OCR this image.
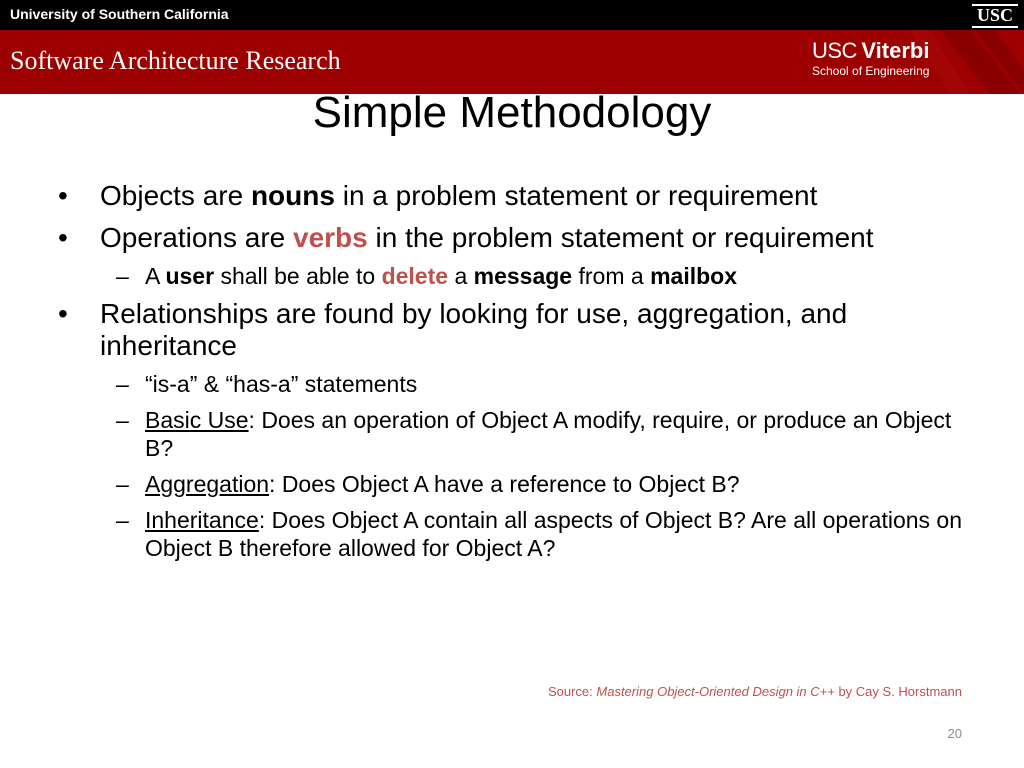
University of Southern California	USC
Software Architecture Research	USC Viterbi
School of Engineering
Simple Methodology
• Objects are nouns in a problem statement or requirement
• Operations are verbs in the problem statement or requirement
– A user shall be able to delete a message from a mailbox
• Relationships are found by looking for use, aggregation, and inheritance
– “is-a” & “has-a” statements
– Basic Use: Does an operation of Object A modify, require, or produce an Object B?
– Aggregation: Does Object A have a reference to Object B?
– Inheritance: Does Object A contain all aspects of Object B? Are all operations on Object B therefore allowed for Object A?
Source: Mastering Object-Oriented Design in C++ by Cay S. Horstmann
20
